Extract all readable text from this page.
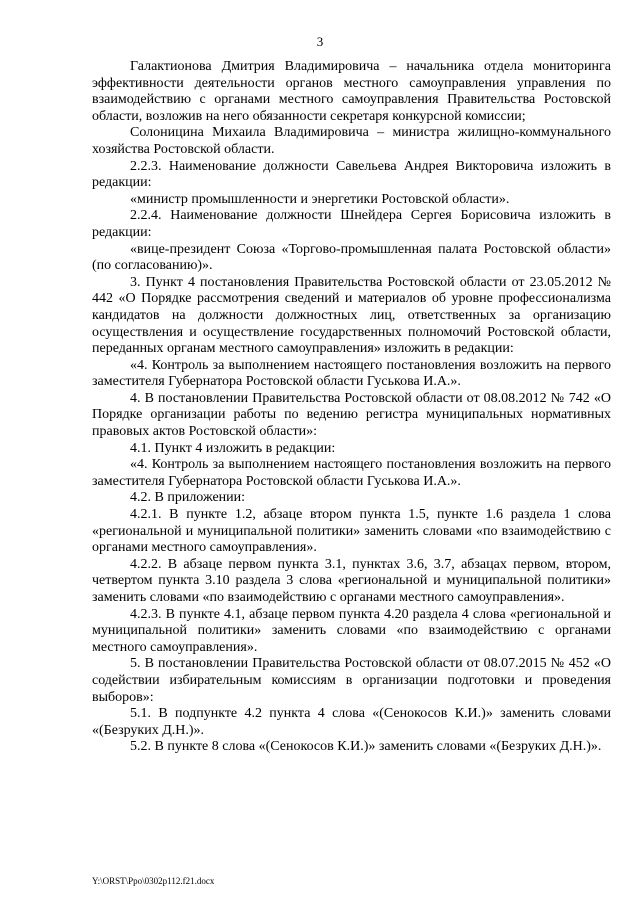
3

Галактионова Дмитрия Владимировича – начальника отдела мониторинга эффективности деятельности органов местного самоуправления управления по взаимодействию с органами местного самоуправления Правительства Ростовской области, возложив на него обязанности секретаря конкурсной комиссии;

Солоницина Михаила Владимировича – министра жилищно-коммунального хозяйства Ростовской области.

2.2.3. Наименование должности Савельева Андрея Викторовича изложить в редакции:

«министр промышленности и энергетики Ростовской области».

2.2.4. Наименование должности Шнейдера Сергея Борисовича изложить в редакции:

«вице-президент Союза «Торгово-промышленная палата Ростовской области» (по согласованию)».

3. Пункт 4 постановления Правительства Ростовской области от 23.05.2012 № 442 «О Порядке рассмотрения сведений и материалов об уровне профессионализма кандидатов на должности должностных лиц, ответственных за организацию осуществления и осуществление государственных полномочий Ростовской области, переданных органам местного самоуправления» изложить в редакции:

«4. Контроль за выполнением настоящего постановления возложить на первого заместителя Губернатора Ростовской области Гуськова И.А.».

4. В постановлении Правительства Ростовской области от 08.08.2012 № 742 «О Порядке организации работы по ведению регистра муниципальных нормативных правовых актов Ростовской области»:

4.1. Пункт 4 изложить в редакции:

«4. Контроль за выполнением настоящего постановления возложить на первого заместителя Губернатора Ростовской области Гуськова И.А.».

4.2. В приложении:

4.2.1. В пункте 1.2, абзаце втором пункта 1.5, пункте 1.6 раздела 1 слова «региональной и муниципальной политики» заменить словами «по взаимодействию с органами местного самоуправления».

4.2.2. В абзаце первом пункта 3.1, пунктах 3.6, 3.7, абзацах первом, втором, четвертом пункта 3.10 раздела 3 слова «региональной и муниципальной политики» заменить словами «по взаимодействию с органами местного самоуправления».

4.2.3. В пункте 4.1, абзаце первом пункта 4.20 раздела 4 слова «региональной и муниципальной политики» заменить словами «по взаимодействию с органами местного самоуправления».

5. В постановлении Правительства Ростовской области от 08.07.2015 № 452 «О содействии избирательным комиссиям в организации подготовки и проведения выборов»:

5.1. В подпункте 4.2 пункта 4 слова «(Сенокосов К.И.)» заменить словами «(Безруких Д.Н.)».

5.2. В пункте 8 слова «(Сенокосов К.И.)» заменить словами «(Безруких Д.Н.)».

Y:\ORST\Ppo\0302p112.f21.docx
